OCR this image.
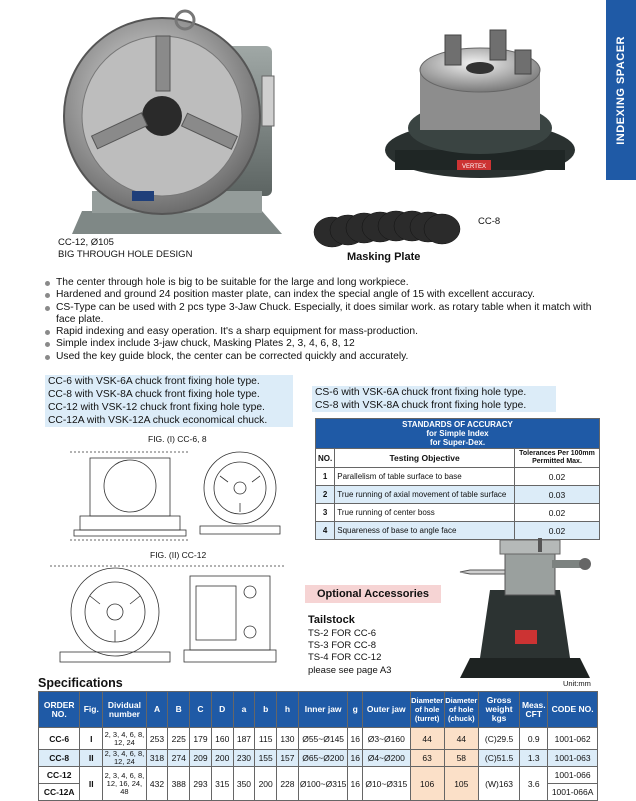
INDEXING SPACER
CC-12, Ø105
BIG THROUGH HOLE DESIGN
VERTEX
CC-8
Masking Plate
The center through hole is big to be suitable for the large and long workpiece.
Hardened and ground 24 position master plate, can index the special angle of 15 with excellent accuracy.
CS-Type can be used with 2 pcs type 3-Jaw Chuck. Especially, it does similar work. as rotary table when it match with face plate.
Rapid indexing and easy operation. It's a sharp equipment for mass-production.
Simple index include 3-jaw chuck, Masking Plates 2, 3, 4, 6, 8, 12
Used the key guide block, the center can be corrected quickly and accurately.
CC-6 with VSK-6A chuck front fixing hole type.
CC-8 with VSK-8A chuck front fixing hole type.
CC-12 with VSK-12 chuck front fixing hole type.
CC-12A with VSK-12A chuck economical chuck.
CS-6 with VSK-6A chuck front fixing hole type.
CS-8 with VSK-8A chuck front fixing hole type.
STANDARDS OF ACCURACY
for Simple Index
for Super-Dex.		

NO.	Testing Objective	Tolerances Per 100mm
Permitted Max.

1	Parallelism of table surface to base	0.02
2	True running of axial movement of table surface	0.03
3	True running of center boss	0.02
4	Squareness of base to angle face	0.02
FIG. (I) CC-6, 8
FIG. (II) CC-12
Optional Accessories
Tailstock
TS-2 FOR CC-6
TS-3 FOR CC-8
TS-4 FOR CC-12
please see page A3
Specifications	Unit:mm
ORDER NO.	Fig.	Dividual number	A	B	C	D	a	b	h	Inner jaw	g	Outer jaw	Diameter of hole (turret)	Diameter of hole (chuck)	Gross weight kgs	Meas. CFT	CODE NO.
CC-6	I	2, 3, 4, 6, 8, 12, 24	253	225	179	160	187	115	130	Ø55~Ø145	16	Ø3~Ø160	44	44	(C)29.5	0.9	1001-062
CC-8	II	2, 3, 4, 6, 8, 12, 24	318	274	209	200	230	155	157	Ø65~Ø200	16	Ø4~Ø200	63	58	(C)51.5	1.3	1001-063
CC-12	II	2, 3, 4, 6, 8, 12, 16, 24, 48	432	388	293	315	350	200	228	Ø100~Ø315	16	Ø10~Ø315	106	105	(W)163	3.6	1001-066
CC-12A																	1001-066A
